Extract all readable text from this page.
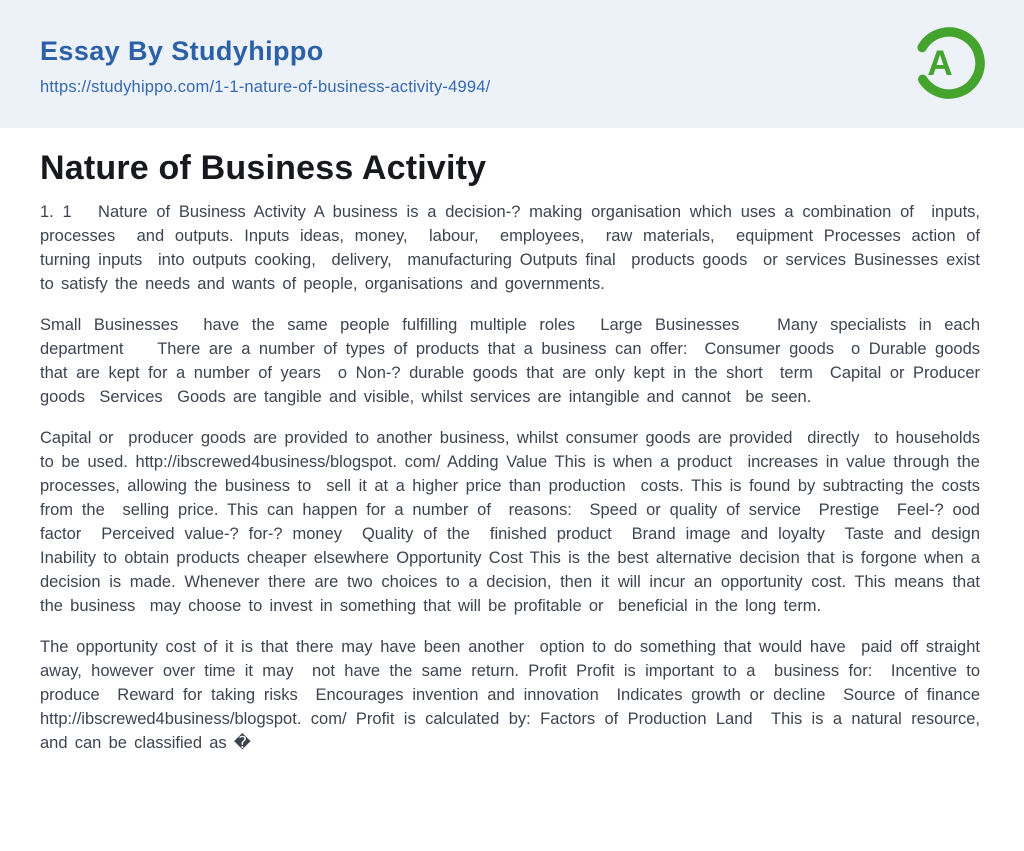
Essay By Studyhippo
https://studyhippo.com/1-1-nature-of-business-activity-4994/
A
Nature of Business Activity

1. 1   Nature of Business Activity A business is a decision-? making organisation which uses a combination of  inputs, processes  and outputs. Inputs ideas, money,  labour,  employees,  raw materials,  equipment Processes action of  turning inputs  into outputs cooking,  delivery,  manufacturing Outputs final  products goods  or services Businesses exist to satisfy the needs and wants of people, organisations and governments.

Small Businesses  have the same people fulfilling multiple roles  Large Businesses   Many specialists in each  department    There are a number of types of products that a business can offer:  Consumer goods  o Durable goods that are kept for a number of years  o Non-? durable goods that are only kept in the short  term  Capital or Producer goods  Services  Goods are tangible and visible, whilst services are intangible and cannot  be seen.

Capital or  producer goods are provided to another business, whilst consumer goods are provided  directly  to households to be used. http://ibscrewed4business/blogspot. com/ Adding Value This is when a product  increases in value through the processes, allowing the business to  sell it at a higher price than production  costs. This is found by subtracting the costs from the  selling price. This can happen for a number of  reasons:  Speed or quality of service  Prestige  Feel-? ood factor  Perceived value-? for-? money  Quality of the  finished product  Brand image and loyalty  Taste and design  Inability to obtain products cheaper elsewhere Opportunity Cost This is the best alternative decision that is forgone when a decision is made. Whenever there are two choices to a decision, then it will incur an opportunity cost. This means that the business  may choose to invest in something that will be profitable or  beneficial in the long term.

The opportunity cost of it is that there may have been another  option to do something that would have  paid off straight away, however over time it may  not have the same return. Profit Profit is important to a  business for:  Incentive to produce  Reward for taking risks  Encourages invention and innovation  Indicates growth or decline  Source of finance http://ibscrewed4business/blogspot. com/ Profit is calculated by: Factors of Production Land  This is a natural resource, and can be classified as �
